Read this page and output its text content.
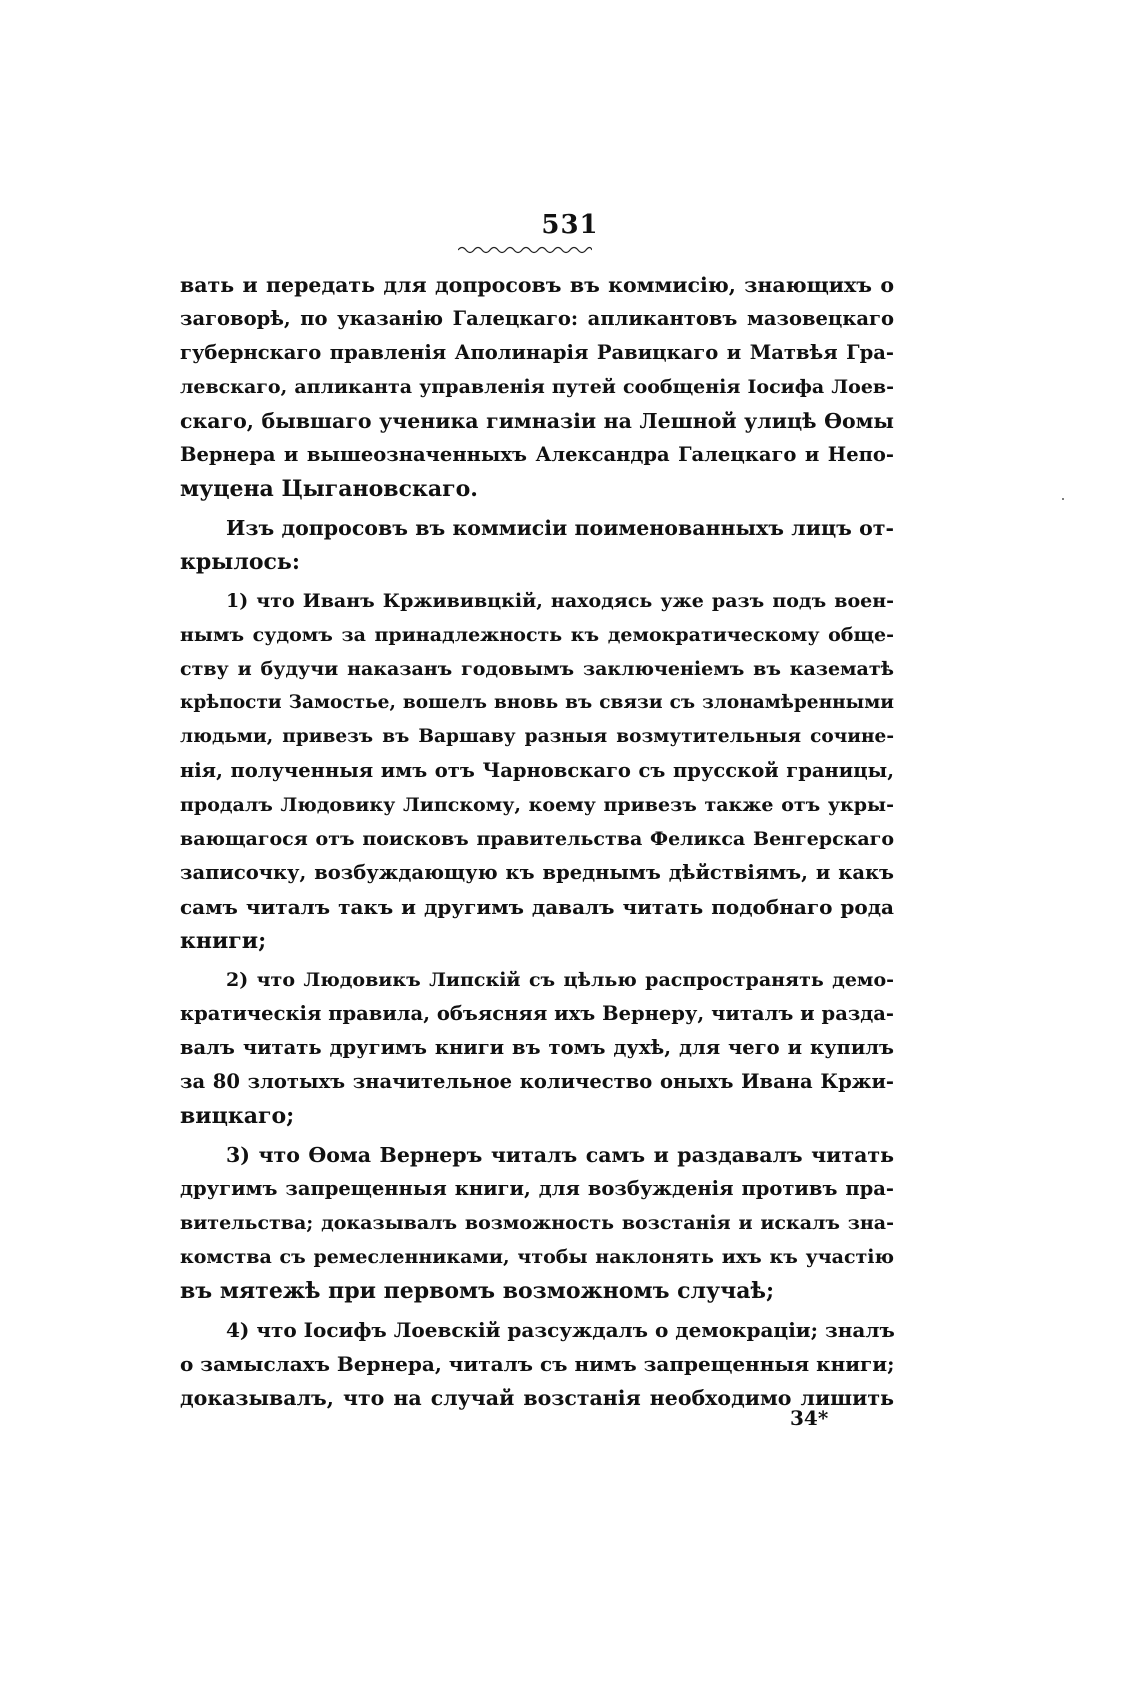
531
вать и передать для допросовъ въ коммисію, знающихъ о
заговорѣ, по указанію Галецкаго: апликантовъ мазовецкаго
губернскаго правленія Аполинарія Равицкаго и Матвѣя Гра-
левскаго, апликанта управленія путей сообщенія Іосифа Лоев-
скаго, бывшаго ученика гимназіи на Лешной улицѣ Ѳомы
Вернера и вышеозначенныхъ Александра Галецкаго и Непо-
муцена Цыгановскаго.
Изъ допросовъ въ коммисіи поименованныхъ лицъ от-
крылось:
1) что Иванъ Кржививцкій, находясь уже разъ подъ воен-
нымъ судомъ за принадлежность къ демократическому обще-
ству и будучи наказанъ годовымъ заключеніемъ въ казематѣ
крѣпости Замостье, вошелъ вновь въ связи съ злонамѣренными
людьми, привезъ въ Варшаву разныя возмутительныя сочине-
нія, полученныя имъ отъ Чарновскаго съ прусской границы,
продалъ Людовику Липскому, коему привезъ также отъ укры-
вающагося отъ поисковъ правительства Феликса Венгерскаго
записочку, возбуждающую къ вреднымъ дѣйствіямъ, и какъ
самъ читалъ такъ и другимъ давалъ читать подобнаго рода
книги;
2) что Людовикъ Липскій съ цѣлью распространять демо-
кратическія правила, объясняя ихъ Вернеру, читалъ и разда-
валъ читать другимъ книги въ томъ духѣ, для чего и купилъ
за 80 злотыхъ значительное количество оныхъ Ивана Кржи-
вицкаго;
3) что Ѳома Вернеръ читалъ самъ и раздавалъ читать
другимъ запрещенныя книги, для возбужденія противъ пра-
вительства; доказывалъ возможность возстанія и искалъ зна-
комства съ ремесленниками, чтобы наклонять ихъ къ участію
въ мятежѣ при первомъ возможномъ случаѣ;
4) что Іосифъ Лоевскій разсуждалъ о демокраціи; зналъ
о замыслахъ Вернера, читалъ съ нимъ запрещенныя книги;
доказывалъ, что на случай возстанія необходимо лишить
34*
